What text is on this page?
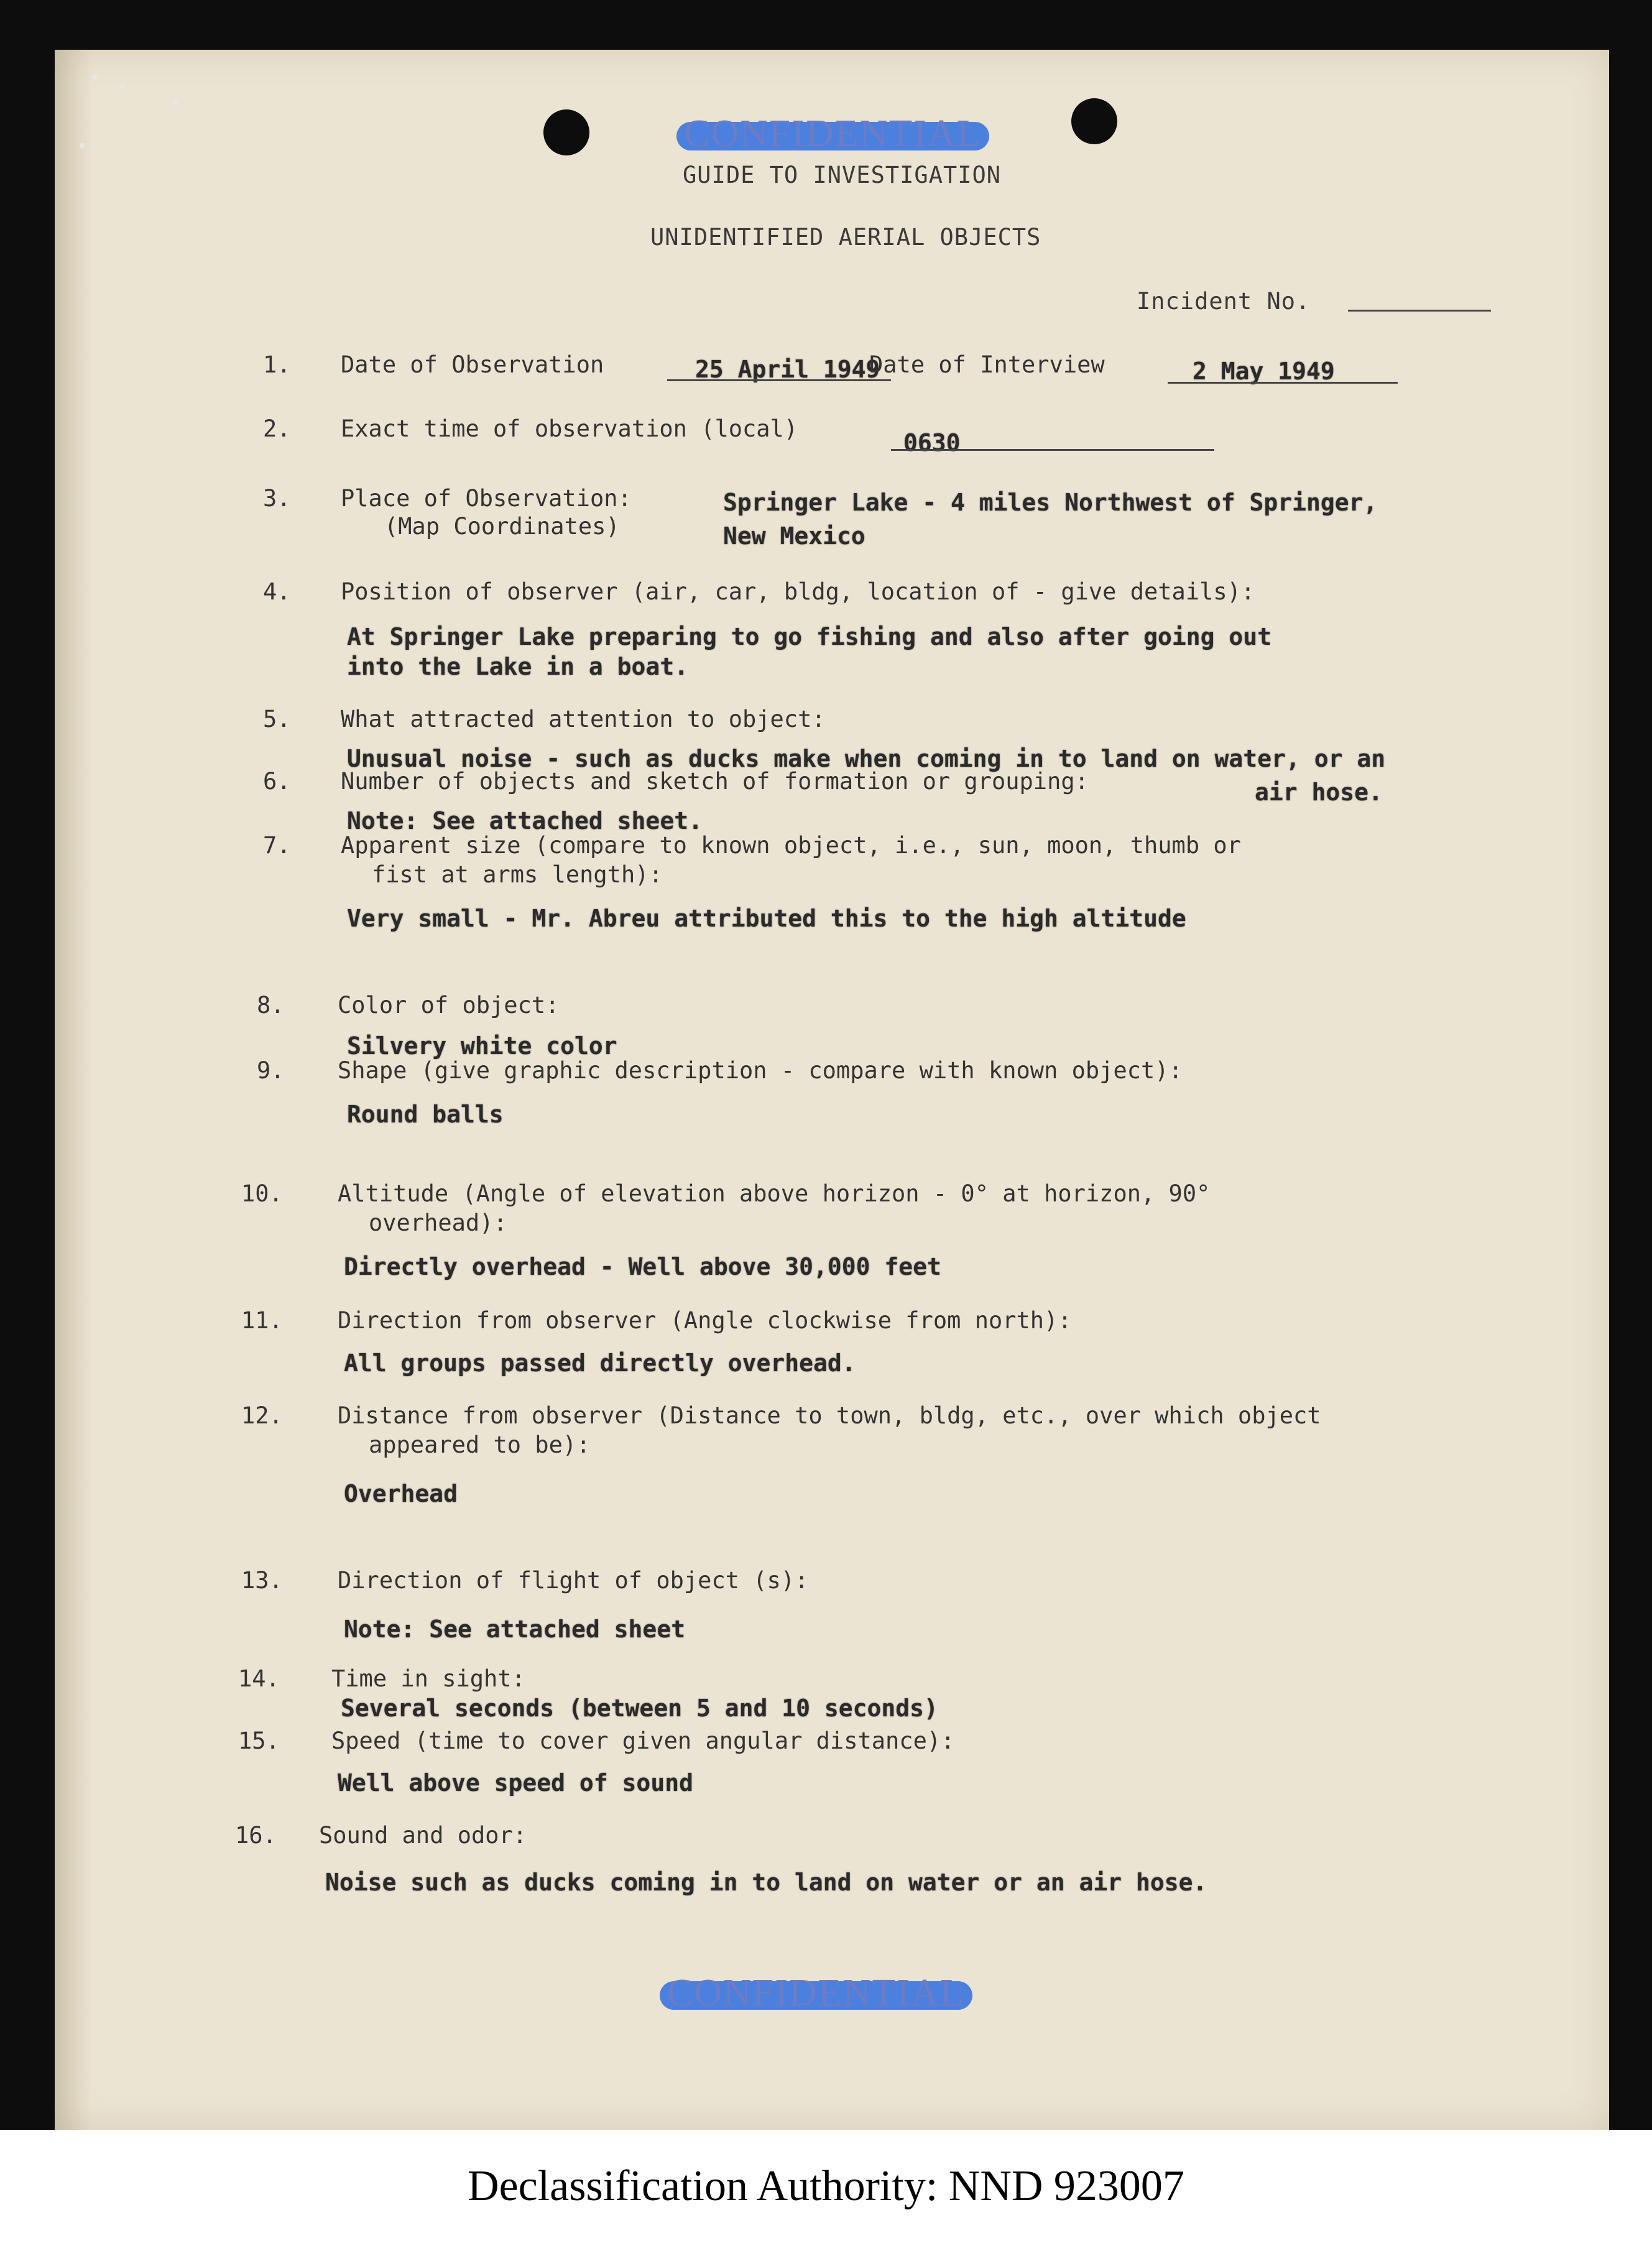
CONFIDENTIAL
GUIDE TO INVESTIGATION
UNIDENTIFIED AERIAL OBJECTS
Incident No.
1. Date of Observation	25 April 1949
Date of Interview	2 May 1949
2. Exact time of observation (local)
0630
3. Place of Observation:
(Map Coordinates)
Springer Lake - 4 miles Northwest of Springer,
New Mexico
4. Position of observer (air, car, bldg, location of - give details):
At Springer Lake preparing to go fishing and also after going out
into the Lake in a boat.
5. What attracted attention to object:
Unusual noise - such as ducks make when coming in to land on water, or an
air hose.
6. Number of objects and sketch of formation or grouping:
Note: See attached sheet.
7. Apparent size (compare to known object, i.e., sun, moon, thumb or
fist at arms length):
Very small - Mr. Abreu attributed this to the high altitude
8. Color of object:
Silvery white color
9. Shape (give graphic description - compare with known object):
Round balls
10. Altitude (Angle of elevation above horizon - 0° at horizon, 90°
overhead):
Directly overhead - Well above 30,000 feet
11. Direction from observer (Angle clockwise from north):
All groups passed directly overhead.
12. Distance from observer (Distance to town, bldg, etc., over which object
appeared to be):
Overhead
13. Direction of flight of object (s):
Note: See attached sheet
14. Time in sight:
Several seconds (between 5 and 10 seconds)
15. Speed (time to cover given angular distance):
Well above speed of sound
16. Sound and odor:
Noise such as ducks coming in to land on water or an air hose.
CONFIDENTIAL
Declassification Authority: NND 923007
